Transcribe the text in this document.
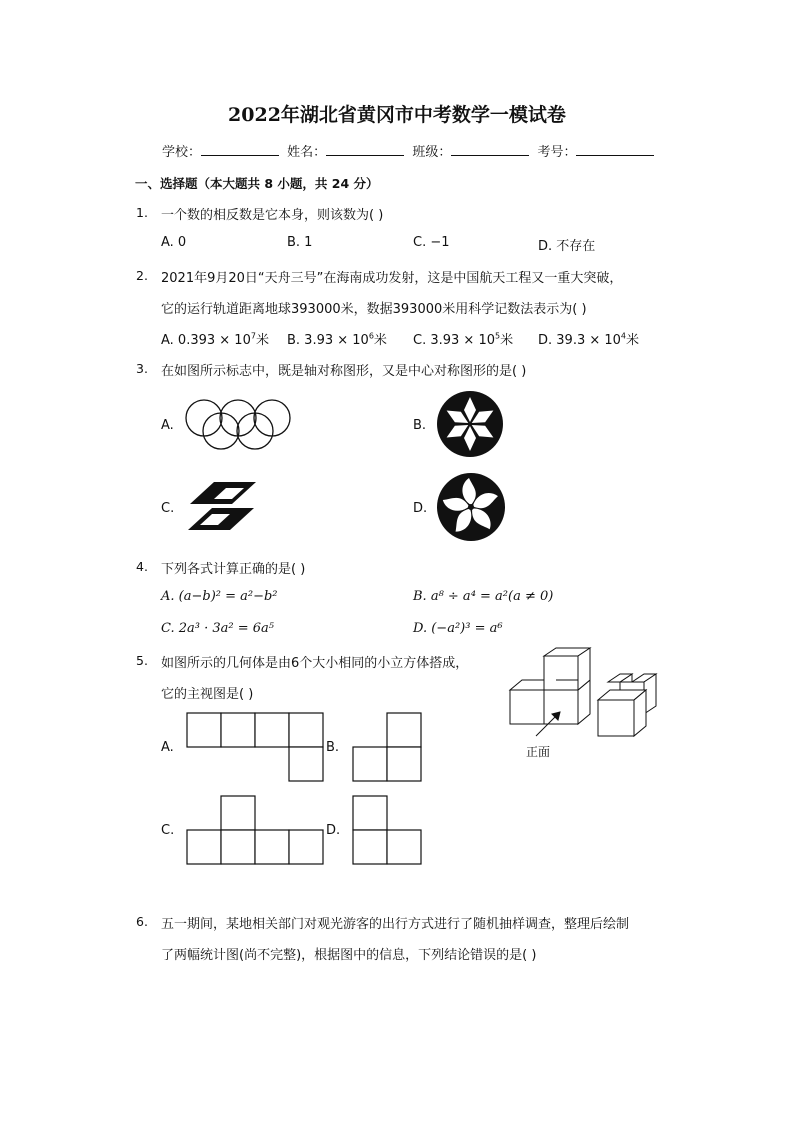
2022年湖北省黄冈市中考数学一模试卷
学校：	姓名：	班级：	考号：
一、选择题（本大题共 8 小题，共 24 分）
1. 一个数的相反数是它本身，则该数为( )
A. 0	B. 1	C. −1	D. 不存在
2. 2021年9月20日“天舟三号”在海南成功发射，这是中国航天工程又一重大突破，
它的运行轨道距离地球393000米，数据393000米用科学记数法表示为( )
A. $0.393 \times 10^7$米 B. $3.93 \times 10^6$米 C. $3.93 \times 10^5$米 D. $39.3 \times 10^4$米
3. 在如图所示标志中，既是轴对称图形，又是中心对称图形的是( )
A.	B.
C.	D.
4. 下列各式计算正确的是( )
A. (a−b)² = a²−b²	B. a⁸ ÷ a⁴ = a²(a ≠ 0)
C. 2a³ · 3a² = 6a⁵	D. (−a²)³ = a⁶
5. 如图所示的几何体是由6个大小相同的小立方体搭成，
它的主视图是( )
正面
A.	B.
C.	D.
6. 五一期间，某地相关部门对观光游客的出行方式进行了随机抽样调查，整理后绘制
了两幅统计图(尚不完整)，根据图中的信息，下列结论错误的是( )
